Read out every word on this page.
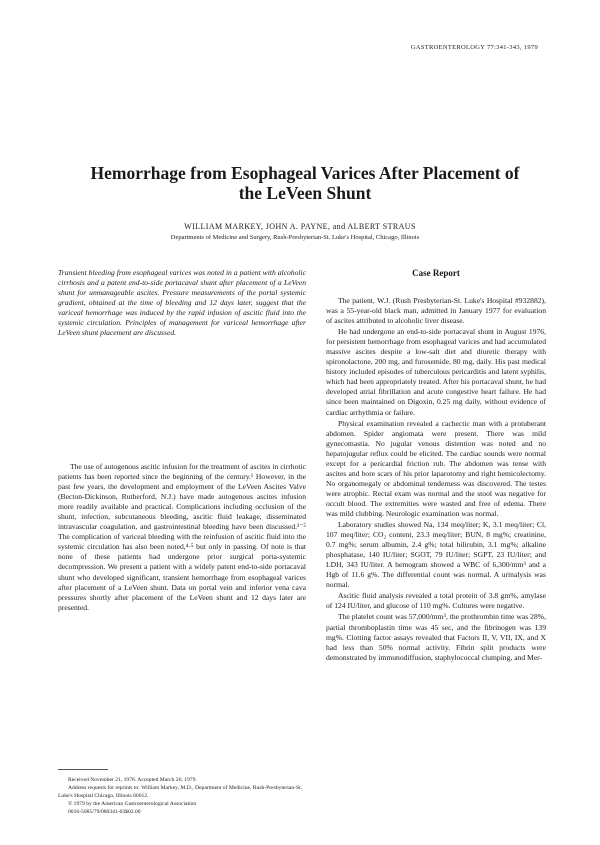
GASTROENTEROLOGY 77:341-343, 1979
Hemorrhage from Esophageal Varices After Placement of the LeVeen Shunt
WILLIAM MARKEY, JOHN A. PAYNE, and ALBERT STRAUS
Departments of Medicine and Surgery, Rush-Presbyterian-St. Luke's Hospital, Chicago, Illinois
Transient bleeding from esophageal varices was noted in a patient with alcoholic cirrhosis and a patent end-to-side portacaval shunt after placement of a LeVeen shunt for unmanageable ascites. Pressure measurements of the portal systemic gradient, obtained at the time of bleeding and 12 days later, suggest that the variceal hemorrhage was induced by the rapid infusion of ascitic fluid into the systemic circulation. Principles of management for variceal hemorrhage after LeVeen shunt placement are discussed.

The use of autogenous ascitic infusion for the treatment of ascites in cirrhotic patients has been reported since the beginning of the century.¹ However, in the past few years, the development and employment of the LeVeen Ascites Valve (Becton-Dickinson, Rutherford, N.J.) have made autogenous ascites infusion more readily available and practical. Complications including occlusion of the shunt, infection, subcutaneous bleeding, ascitic fluid leakage, disseminated intravascular coagulation, and gastrointestinal bleeding have been discussed.²⁻⁵ The complication of variceal bleeding with the reinfusion of ascitic fluid into the systemic circulation has also been noted,⁴·⁵ but only in passing. Of note is that none of these patients had undergone prior surgical porta-systemic decompression. We present a patient with a widely patent end-to-side portacaval shunt who developed significant, transient hemorrhage from esophageal varices after placement of a LeVeen shunt. Data on portal vein and inferior vena cava pressures shortly after placement of the LeVeen shunt and 12 days later are presented.

Case Report

The patient, W.J. (Rush Presbyterian-St. Luke's Hospital #932882), was a 55-year-old black man, admitted in January 1977 for evaluation of ascites attributed to alcoholic liver disease.

He had undergone an end-to-side portacaval shunt in August 1976, for persistent hemorrhage from esophageal varices and had accumulated massive ascites despite a low-salt diet and diuretic therapy with spironolactone, 200 mg, and furosemide, 80 mg, daily. His past medical history included episodes of tuberculous pericarditis and latent syphilis, which had been appropriately treated. After his portacaval shunt, he had developed atrial fibrillation and acute congestive heart failure. He had since been maintained on Digoxin, 0.25 mg daily, without evidence of cardiac arrhythmia or failure.

Physical examination revealed a cachectic man with a protuberant abdomen. Spider angiomata were present. There was mild gynecomastia. No jugular venous distention was noted and no hepatojugular reflux could be elicited. The cardiac sounds were normal except for a pericardial friction rub. The abdomen was tense with ascites and bore scars of his prior laparotomy and right hemicolectomy. No organomegaly or abdominal tenderness was discovered. The testes were atrophic. Rectal exam was normal and the stool was negative for occult blood. The extremities were wasted and free of edema. There was mild clubbing. Neurologic examination was normal.

Laboratory studies showed Na, 134 meq/liter; K, 3.1 meq/liter; Cl, 107 meq/liter; CO₂ content, 23.3 meq/liter; BUN, 8 mg%; creatinine, 0.7 mg%; serum albumin, 2.4 g%; total bilirubin, 3.1 mg%; alkaline phosphatase, 140 IU/liter; SGOT, 79 IU/liter; SGPT, 23 IU/liter; and LDH, 343 IU/liter. A hemogram showed a WBC of 6,300/mm³ and a Hgb of 11.6 g%. The differential count was normal. A urinalysis was normal.

Ascitic fluid analysis revealed a total protein of 3.8 gm%, amylase of 124 IU/liter, and glucose of 110 mg%. Cultures were negative.

The platelet count was 57,000/mm³, the prothrombin time was 28%, partial thromboplastin time was 45 sec, and the fibrinogen was 139 mg%. Clotting factor assays revealed that Factors II, V, VII, IX, and X had less than 50% normal activity. Fibrin split products were demonstrated by immunodiffusion, staphylococcal clumping, and Mer-

Received November 21, 1978. Accepted March 26, 1979.
Address requests for reprints to: William Markey, M.D., Department of Medicine, Rush-Presbyterian-St. Luke's Hospital Chicago, Illinois 60612.
© 1979 by the American Gastroenterological Association
0016-5085/79/080341-03$02.00
